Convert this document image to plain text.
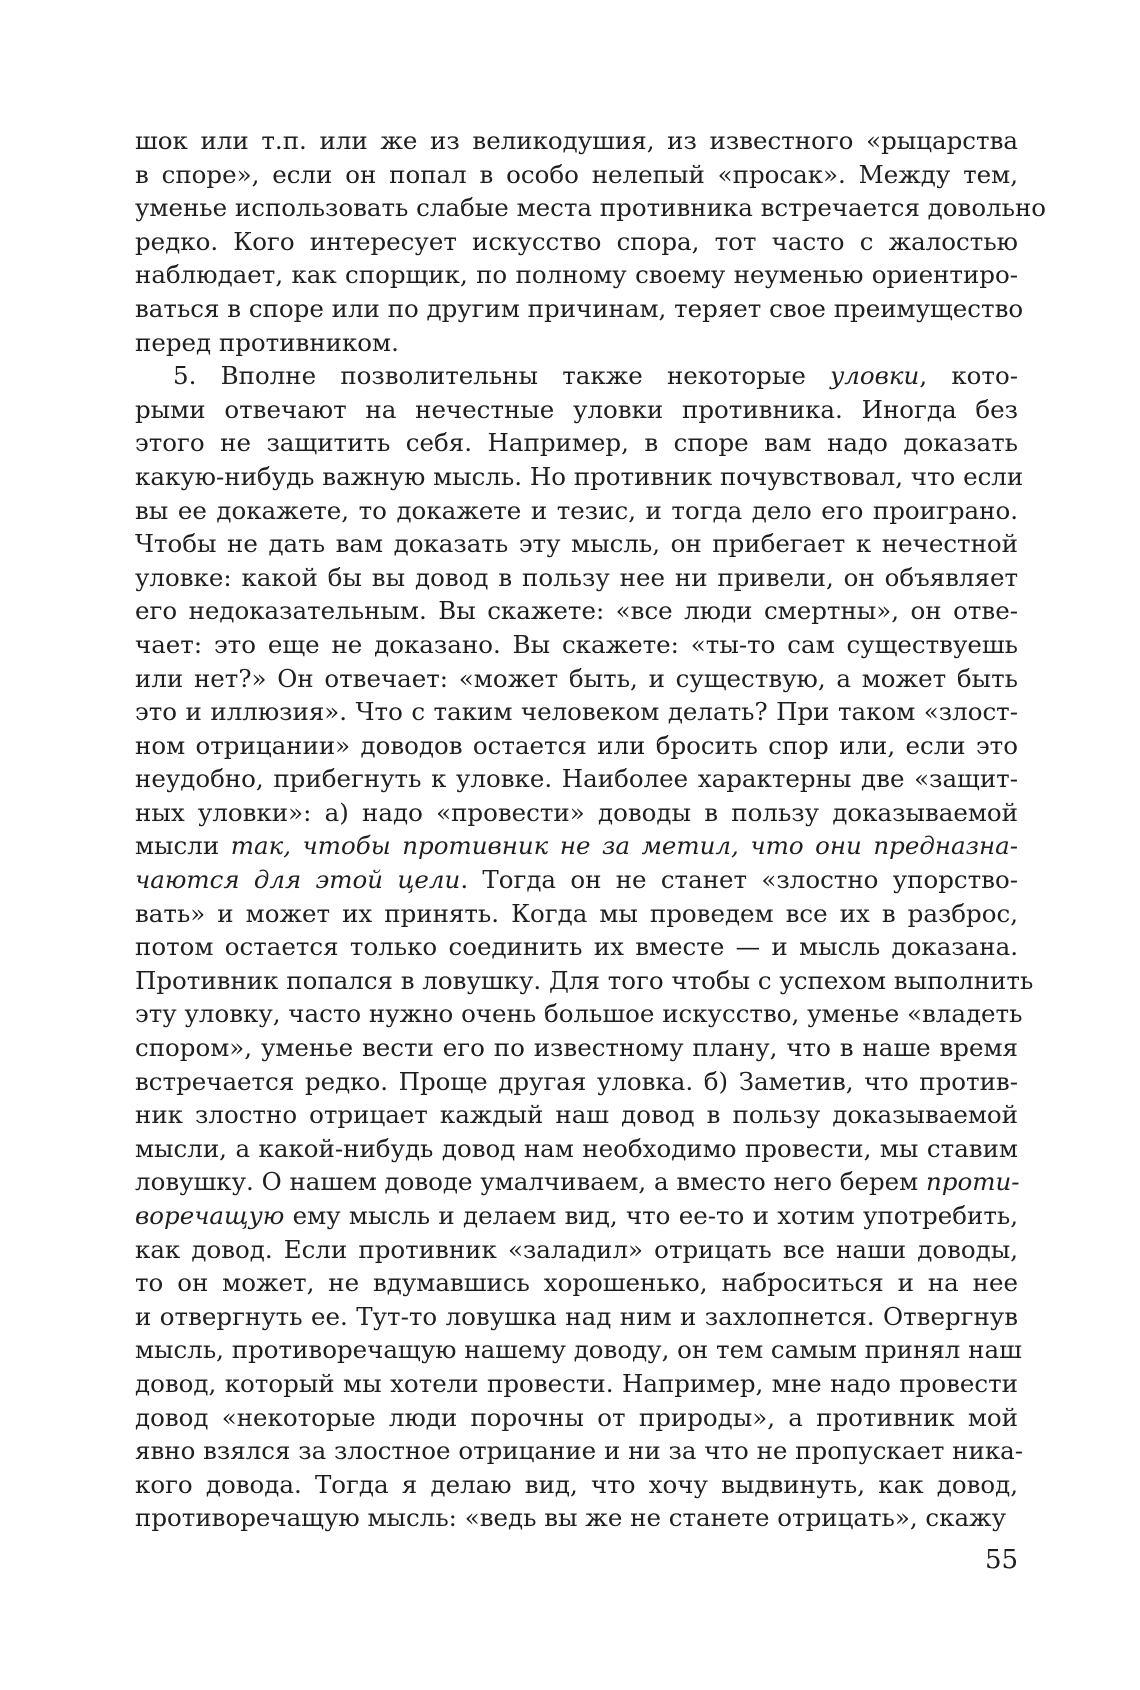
шок или т.п. или же из великодушия, из известного «рыцарства
в споре», если он попал в особо нелепый «просак». Между тем,
уменье использовать слабые места противника встречается довольно
редко. Кого интересует искусство спора, тот часто с жалостью
наблюдает, как спорщик, по полному своему неуменью ориентиро-
ваться в споре или по другим причинам, теряет свое преимущество
перед противником.
5. Вполне позволительны также некоторые уловки, кото-
рыми отвечают на нечестные уловки противника. Иногда без
этого не защитить себя. Например, в споре вам надо доказать
какую-нибудь важную мысль. Но противник почувствовал, что если
вы ее докажете, то докажете и тезис, и тогда дело его проиграно.
Чтобы не дать вам доказать эту мысль, он прибегает к нечестной
уловке: какой бы вы довод в пользу нее ни привели, он объявляет
его недоказательным. Вы скажете: «все люди смертны», он отве-
чает: это еще не доказано. Вы скажете: «ты-то сам существуешь
или нет?» Он отвечает: «может быть, и существую, а может быть
это и иллюзия». Что с таким человеком делать? При таком «злост-
ном отрицании» доводов остается или бросить спор или, если это
неудобно, прибегнуть к уловке. Наиболее характерны две «защит-
ных уловки»: а) надо «провести» доводы в пользу доказываемой
мысли так, чтобы противник не за метил, что они предназна-
чаются для этой цели. Тогда он не станет «злостно упорство-
вать» и может их принять. Когда мы проведем все их в разброс,
потом остается только соединить их вместе — и мысль доказана.
Противник попался в ловушку. Для того чтобы с успехом выполнить
эту уловку, часто нужно очень большое искусство, уменье «владеть
спором», уменье вести его по известному плану, что в наше время
встречается редко. Проще другая уловка. б) Заметив, что против-
ник злостно отрицает каждый наш довод в пользу доказываемой
мысли, а какой-нибудь довод нам необходимо провести, мы ставим
ловушку. О нашем доводе умалчиваем, а вместо него берем проти-
воречащую ему мысль и делаем вид, что ее-то и хотим употребить,
как довод. Если противник «заладил» отрицать все наши доводы,
то он может, не вдумавшись хорошенько, наброситься и на нее
и отвергнуть ее. Тут-то ловушка над ним и захлопнется. Отвергнув
мысль, противоречащую нашему доводу, он тем самым принял наш
довод, который мы хотели провести. Например, мне надо провести
довод «некоторые люди порочны от природы», а противник мой
явно взялся за злостное отрицание и ни за что не пропускает ника-
кого довода. Тогда я делаю вид, что хочу выдвинуть, как довод,
противоречащую мысль: «ведь вы же не станете отрицать», скажу
55
